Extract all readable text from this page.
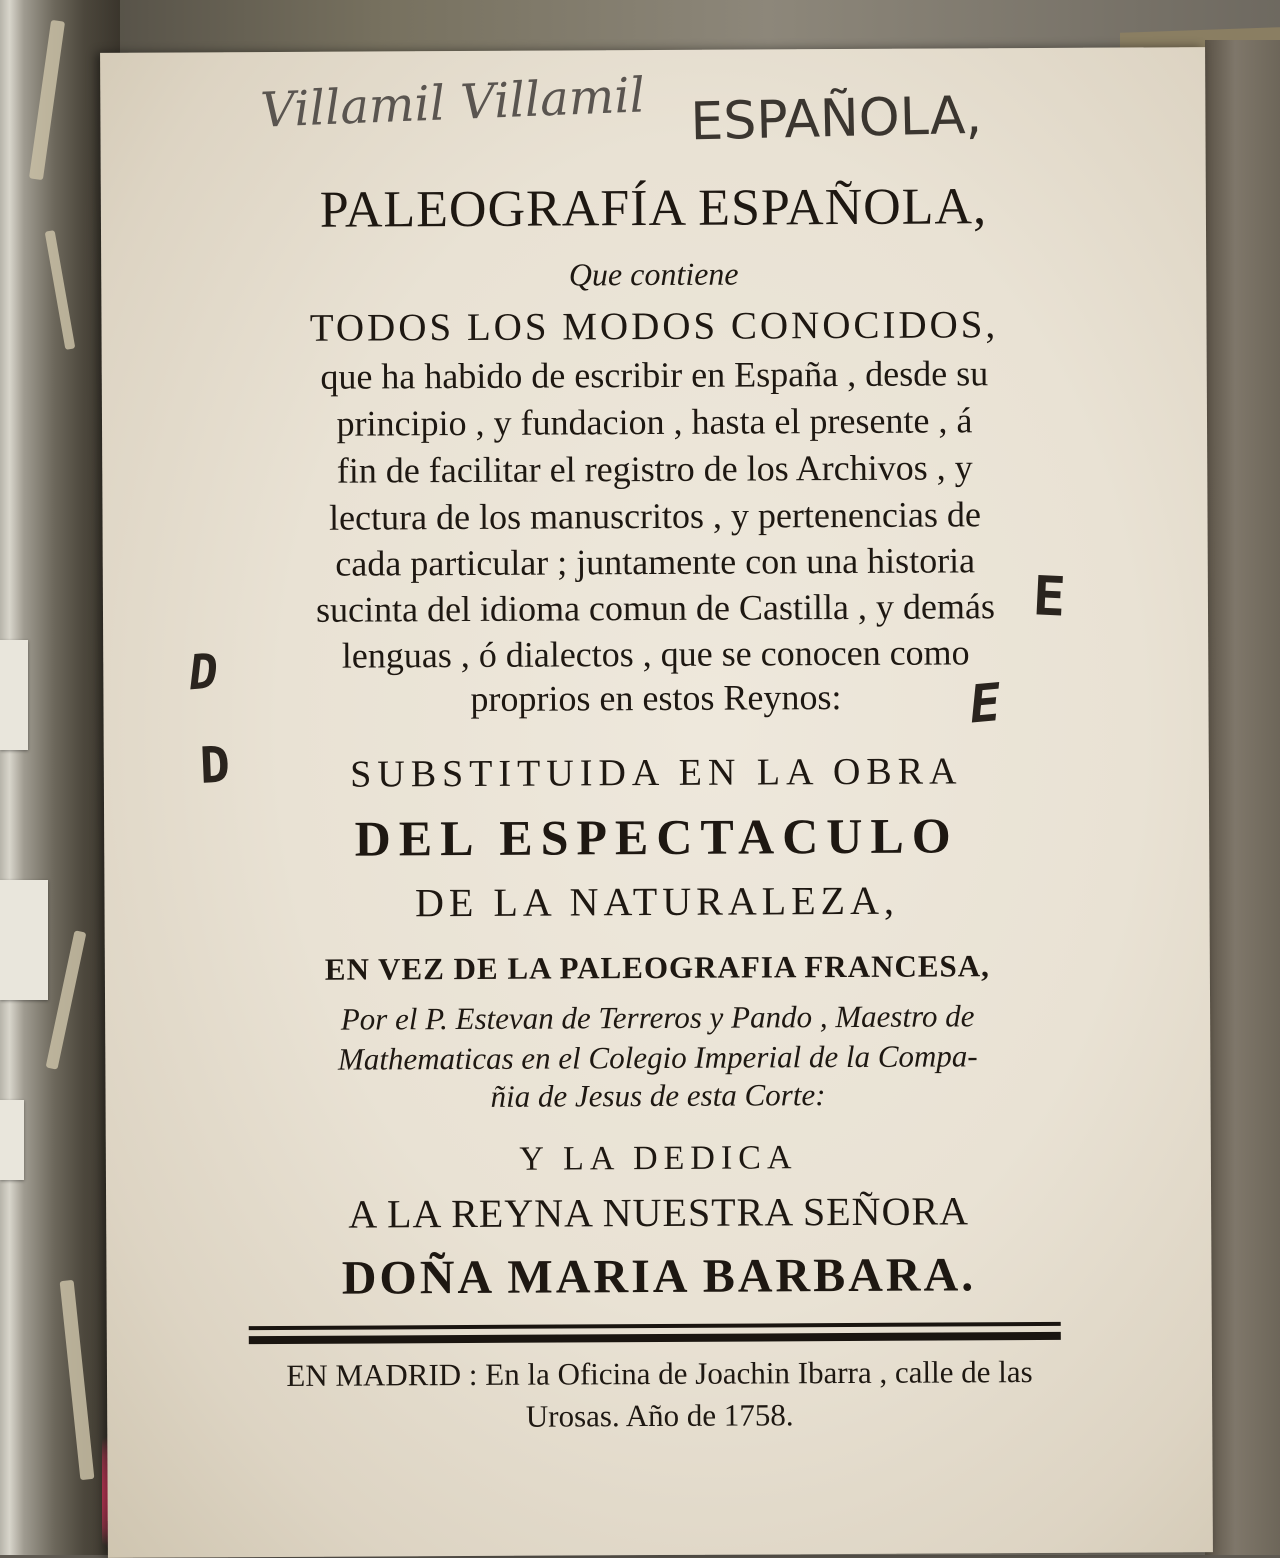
Villamil Villamil ESPAÑOLA,

PALEOGRAFÍA ESPAÑOLA,

Que contiene

TODOS LOS MODOS CONOCIDOS,

que ha habido de escribir en España , desde su

principio , y fundacion , hasta el presente , á

fin de facilitar el registro de los Archivos , y

lectura de los manuscritos , y pertenencias de

cada particular ; juntamente con una historia

sucinta del idioma comun de Castilla , y demás

lenguas , ó dialectos , que se conocen como

proprios en estos Reynos:

SUBSTITUIDA EN LA OBRA

DEL ESPECTACULO

DE LA NATURALEZA,

EN VEZ DE LA PALEOGRAFIA FRANCESA,

Por el P. Estevan de Terreros y Pando , Maestro de

Mathematicas en el Colegio Imperial de la Compa-

ñia de Jesus de esta Corte:

Y LA DEDICA

A LA REYNA NUESTRA SEÑORA

DOÑA MARIA BARBARA.

EN MADRID : En la Oficina de Joachin Ibarra , calle de las

Urosas. Año de 1758.

D
D
E
E
